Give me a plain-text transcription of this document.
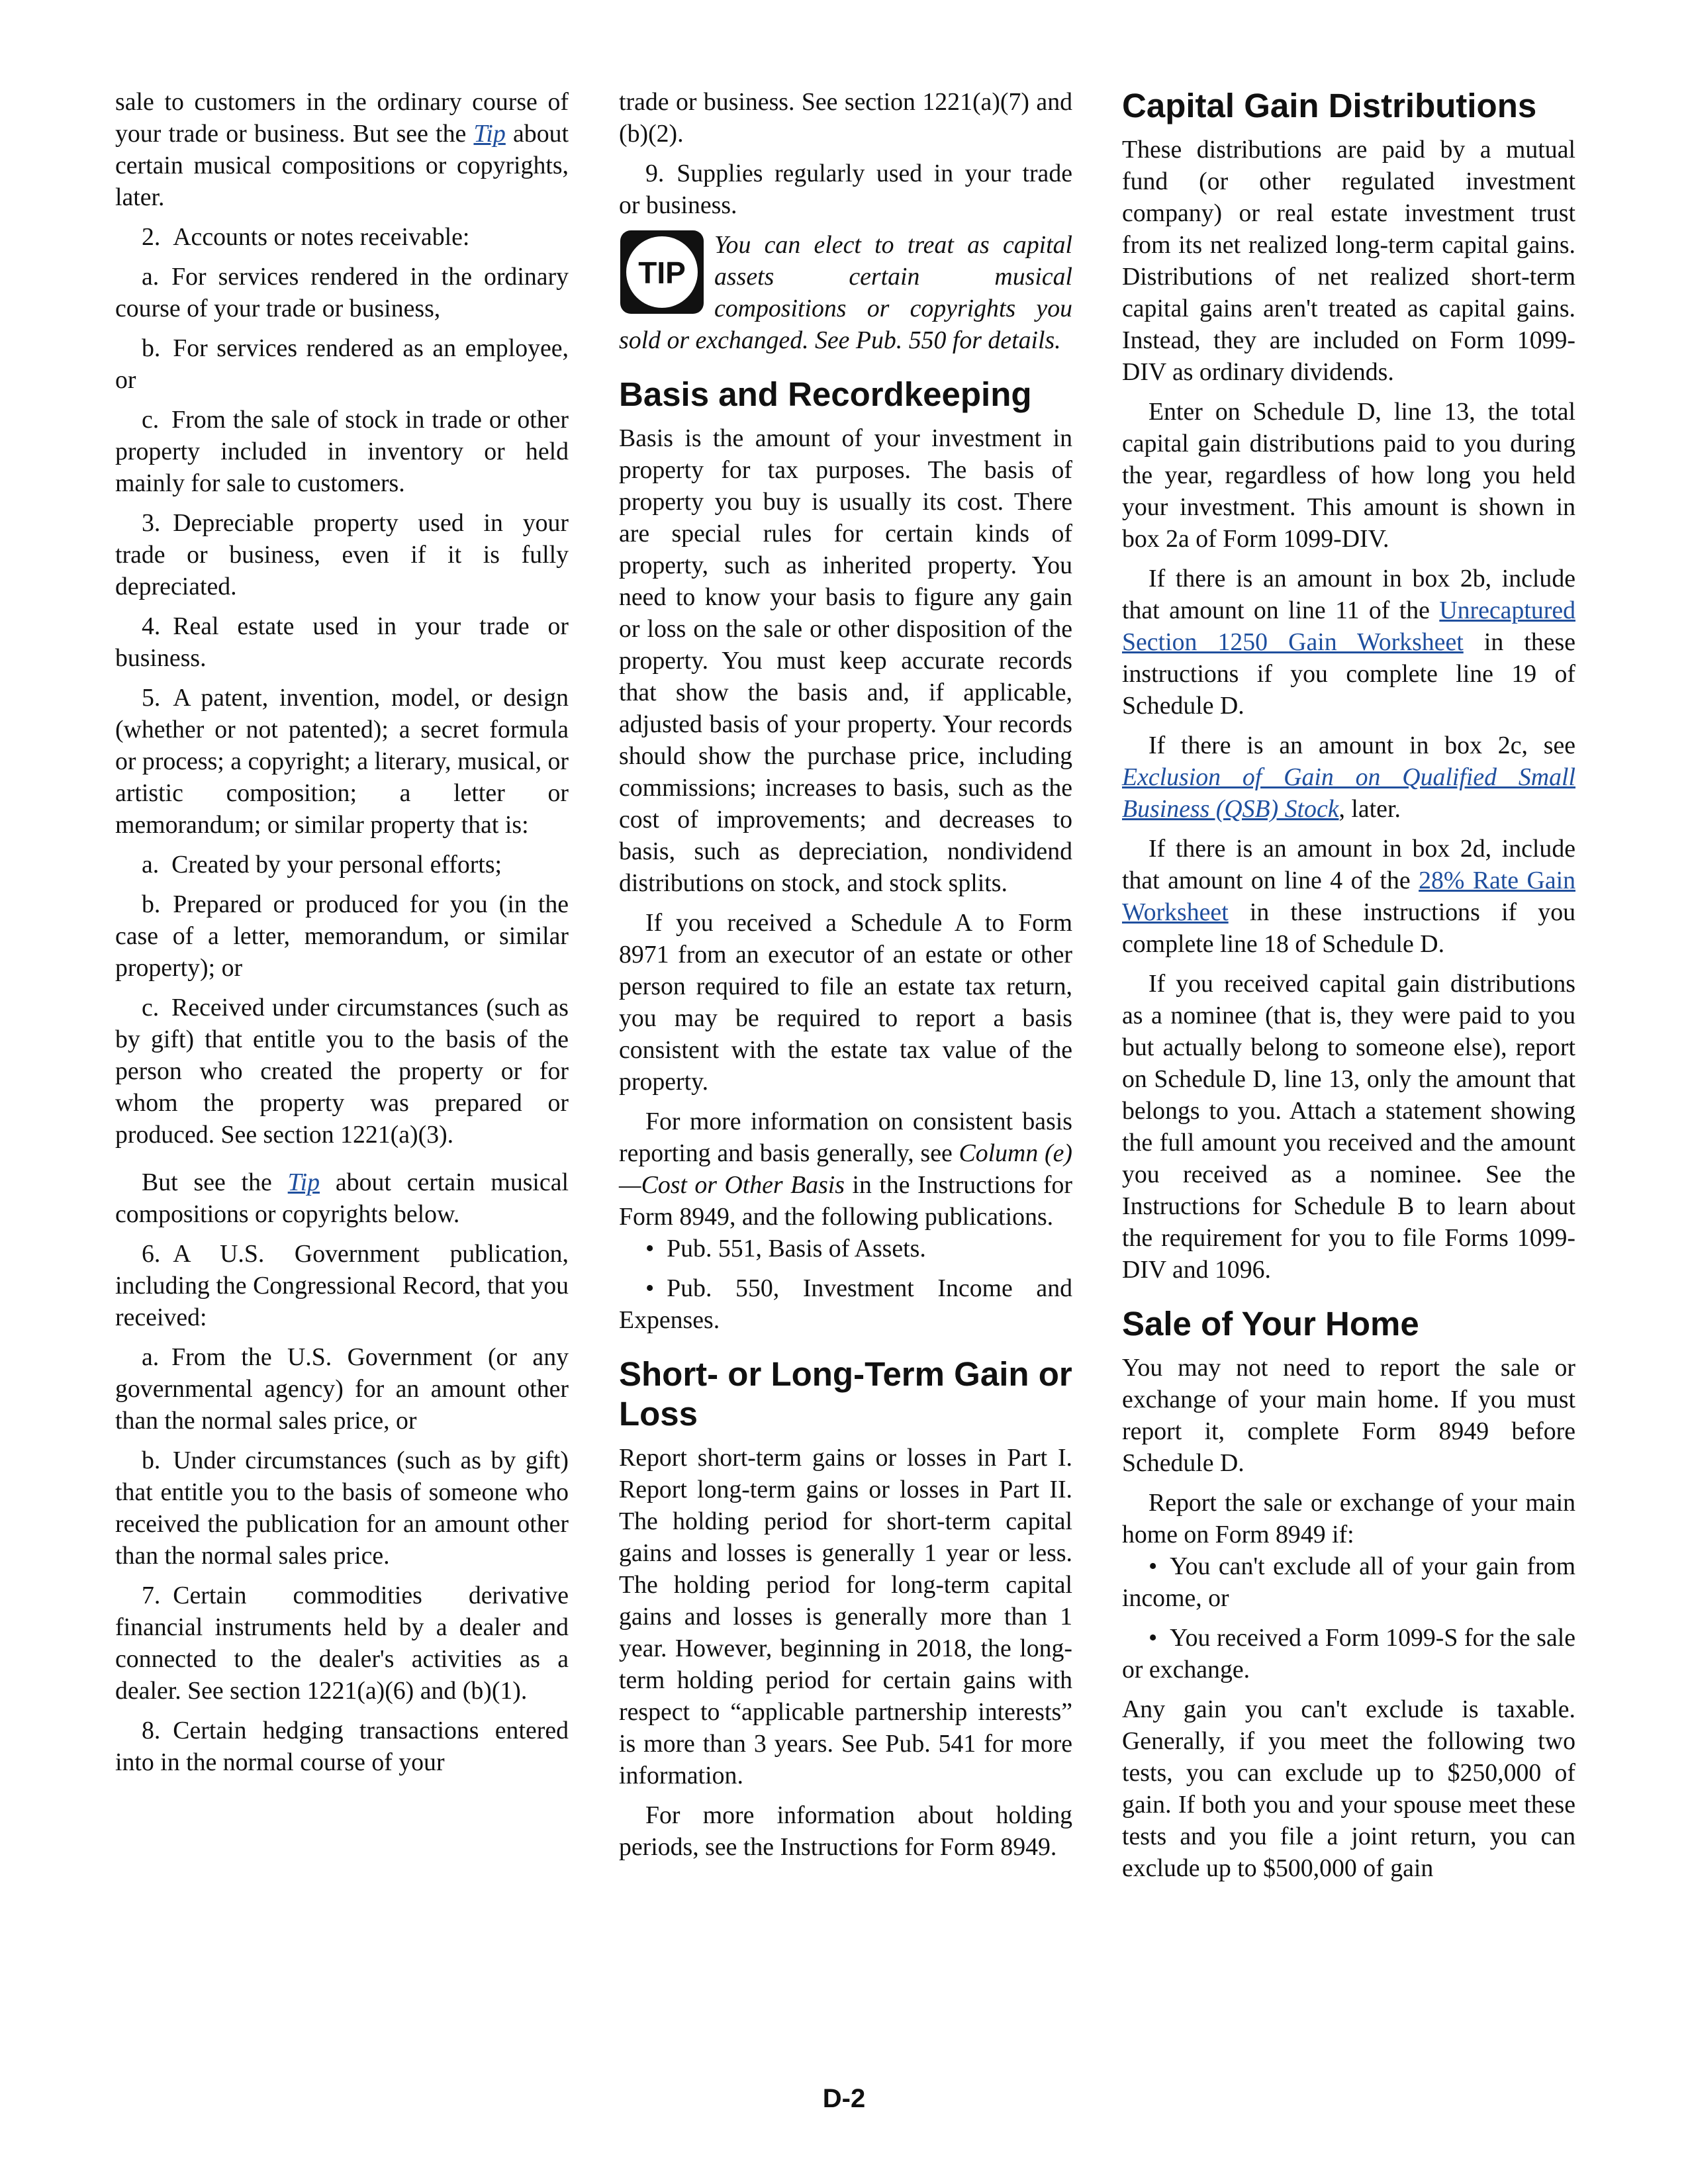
sale to customers in the ordinary course of your trade or business. But see the Tip about certain musical compositions or copyrights, later.

2. Accounts or notes receivable:

a. For services rendered in the ordinary course of your trade or business,

b. For services rendered as an employee, or

c. From the sale of stock in trade or other property included in inventory or held mainly for sale to customers.

3. Depreciable property used in your trade or business, even if it is fully depreciated.

4. Real estate used in your trade or business.

5. A patent, invention, model, or design (whether or not patented); a secret formula or process; a copyright; a literary, musical, or artistic composition; a letter or memorandum; or similar property that is:

a. Created by your personal efforts;

b. Prepared or produced for you (in the case of a letter, memorandum, or similar property); or

c. Received under circumstances (such as by gift) that entitle you to the basis of the person who created the property or for whom the property was prepared or produced. See section 1221(a)(3).

But see the Tip about certain musical compositions or copyrights below.

6. A U.S. Government publication, including the Congressional Record, that you received:

a. From the U.S. Government (or any governmental agency) for an amount other than the normal sales price, or

b. Under circumstances (such as by gift) that entitle you to the basis of someone who received the publication for an amount other than the normal sales price.

7. Certain commodities derivative financial instruments held by a dealer and connected to the dealer's activities as a dealer. See section 1221(a)(6) and (b)(1).

8. Certain hedging transactions entered into in the normal course of your

trade or business. See section 1221(a)(7) and (b)(2).

9. Supplies regularly used in your trade or business.

TIP
You can elect to treat as capital assets certain musical compositions or copyrights you sold or exchanged. See Pub. 550 for details.
Basis and Recordkeeping

Basis is the amount of your investment in property for tax purposes. The basis of property you buy is usually its cost. There are special rules for certain kinds of property, such as inherited property. You need to know your basis to figure any gain or loss on the sale or other disposition of the property. You must keep accurate records that show the basis and, if applicable, adjusted basis of your property. Your records should show the purchase price, including commissions; increases to basis, such as the cost of improvements; and decreases to basis, such as depreciation, nondividend distributions on stock, and stock splits.

If you received a Schedule A to Form 8971 from an executor of an estate or other person required to file an estate tax return, you may be required to report a basis consistent with the estate tax value of the property.

For more information on consistent basis reporting and basis generally, see Column (e)—Cost or Other Basis in the Instructions for Form 8949, and the following publications.

• Pub. 551, Basis of Assets.

• Pub. 550, Investment Income and Expenses.

Short- or Long-Term Gain or Loss

Report short-term gains or losses in Part I. Report long-term gains or losses in Part II. The holding period for short-term capital gains and losses is generally 1 year or less. The holding period for long-term capital gains and losses is generally more than 1 year. However, beginning in 2018, the long-term holding period for certain gains with respect to “applicable partnership interests” is more than 3 years. See Pub. 541 for more information.

For more information about holding periods, see the Instructions for Form 8949.

Capital Gain Distributions

These distributions are paid by a mutual fund (or other regulated investment company) or real estate investment trust from its net realized long-term capital gains. Distributions of net realized short-term capital gains aren't treated as capital gains. Instead, they are included on Form 1099-DIV as ordinary dividends.

Enter on Schedule D, line 13, the total capital gain distributions paid to you during the year, regardless of how long you held your investment. This amount is shown in box 2a of Form 1099-DIV.

If there is an amount in box 2b, include that amount on line 11 of the Unrecaptured Section 1250 Gain Worksheet in these instructions if you complete line 19 of Schedule D.

If there is an amount in box 2c, see Exclusion of Gain on Qualified Small Business (QSB) Stock, later.

If there is an amount in box 2d, include that amount on line 4 of the 28% Rate Gain Worksheet in these instructions if you complete line 18 of Schedule D.

If you received capital gain distributions as a nominee (that is, they were paid to you but actually belong to someone else), report on Schedule D, line 13, only the amount that belongs to you. Attach a statement showing the full amount you received and the amount you received as a nominee. See the Instructions for Schedule B to learn about the requirement for you to file Forms 1099-DIV and 1096.

Sale of Your Home

You may not need to report the sale or exchange of your main home. If you must report it, complete Form 8949 before Schedule D.

Report the sale or exchange of your main home on Form 8949 if:

• You can't exclude all of your gain from income, or

• You received a Form 1099-S for the sale or exchange.

Any gain you can't exclude is taxable. Generally, if you meet the following two tests, you can exclude up to $250,000 of gain. If both you and your spouse meet these tests and you file a joint return, you can exclude up to $500,000 of gain

D-2
